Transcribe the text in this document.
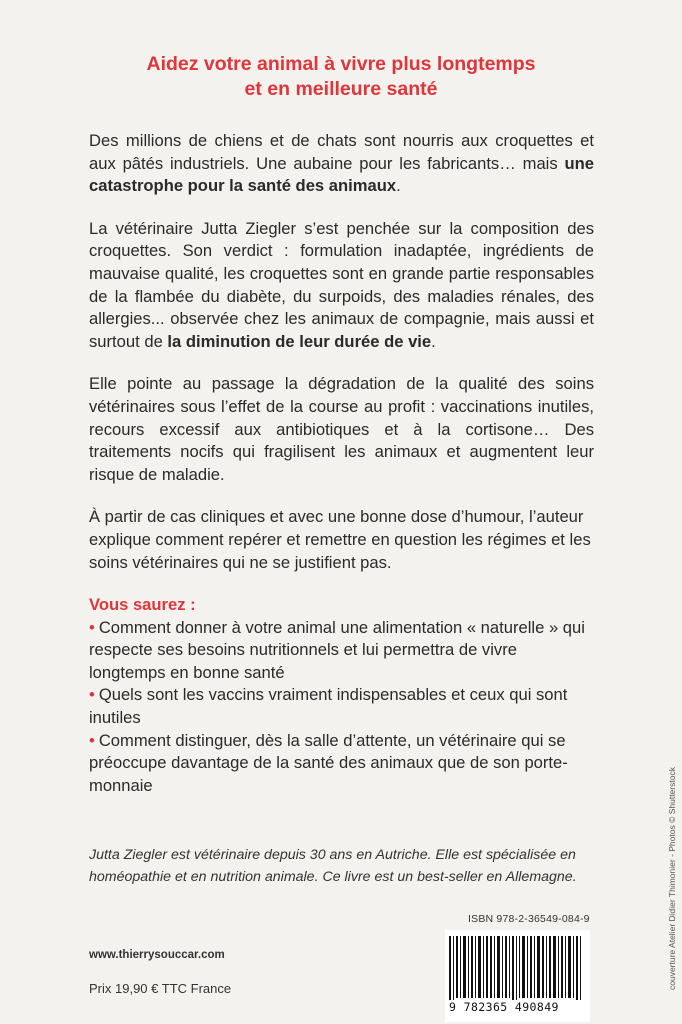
Aidez votre animal à vivre plus longtemps
et en meilleure santé

Des millions de chiens et de chats sont nourris aux croquettes et aux pâtés industriels. Une aubaine pour les fabricants… mais une catastrophe pour la santé des animaux.

La vétérinaire Jutta Ziegler s’est penchée sur la composition des croquettes. Son verdict : formulation inadaptée, ingrédients de mauvaise qualité, les croquettes sont en grande partie responsables de la flambée du diabète, du surpoids, des maladies rénales, des allergies... observée chez les animaux de compagnie, mais aussi et surtout de la diminution de leur durée de vie.

Elle pointe au passage la dégradation de la qualité des soins vétérinaires sous l’effet de la course au profit : vaccinations inutiles, recours excessif aux antibiotiques et à la cortisone… Des traitements nocifs qui fragilisent les animaux et augmentent leur risque de maladie.

À partir de cas cliniques et avec une bonne dose d’humour, l’auteur explique comment repérer et remettre en question les régimes et les soins vétérinaires qui ne se justifient pas.

Vous saurez :
• Comment donner à votre animal une alimentation « naturelle » qui respecte ses besoins nutritionnels et lui permettra de vivre longtemps en bonne santé
• Quels sont les vaccins vraiment indispensables et ceux qui sont inutiles
• Comment distinguer, dès la salle d’attente, un vétérinaire qui se préoccupe davantage de la santé des animaux que de son porte-monnaie
Jutta Ziegler est vétérinaire depuis 30 ans en Autriche. Elle est spécialisée en homéopathie et en nutrition animale. Ce livre est un best-seller en Allemagne.
www.thierrysouccar.com
Prix 19,90 € TTC France
ISBN 978-2-36549-084-9
9 782365 490849
couverture Atelier Didier Thimonier - Photos © Shutterstock
